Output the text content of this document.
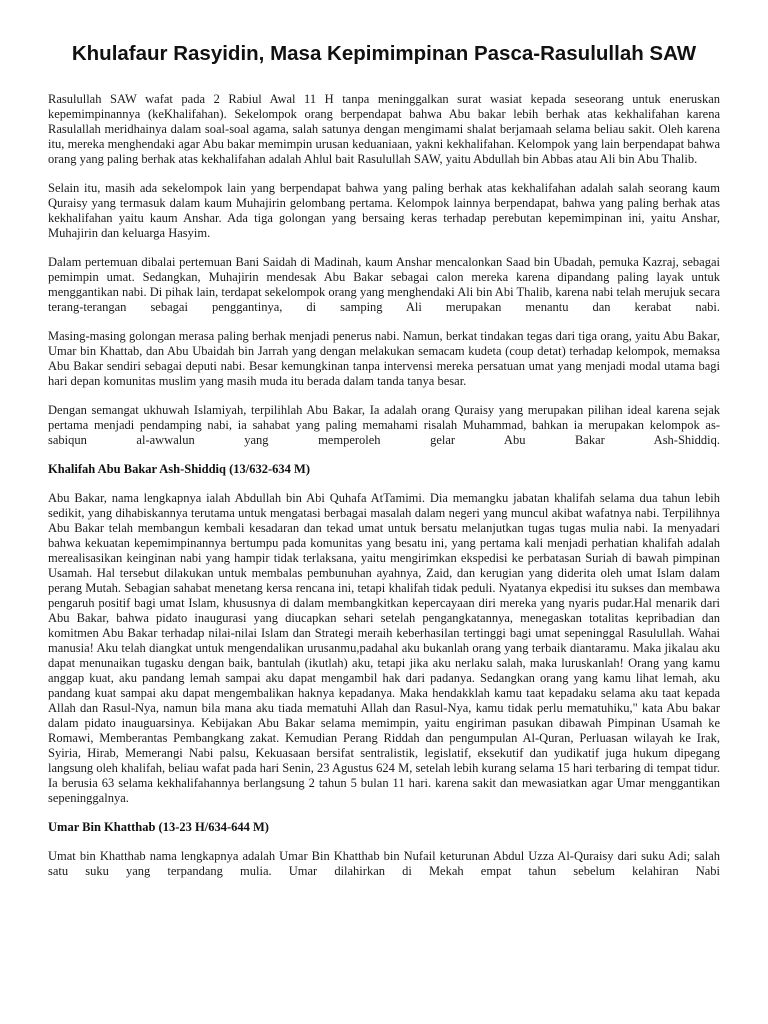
Khulafaur Rasyidin, Masa Kepimimpinan Pasca-Rasulullah SAW

Rasulullah SAW wafat pada 2 Rabiul Awal 11 H tanpa meninggalkan surat wasiat kepada seseorang untuk eneruskan kepemimpinannya (keKhalifahan). Sekelompok orang berpendapat bahwa Abu bakar lebih berhak atas kekhalifahan karena Rasulallah meridhainya dalam soal-soal agama, salah satunya dengan mengimami shalat berjamaah selama beliau sakit. Oleh karena itu, mereka menghendaki agar Abu bakar memimpin urusan keduaniaan, yakni kekhalifahan. Kelompok yang lain berpendapat bahwa orang yang paling berhak atas kekhalifahan adalah Ahlul bait Rasulullah SAW, yaitu Abdullah bin Abbas atau Ali bin Abu Thalib.

Selain itu, masih ada sekelompok lain yang berpendapat bahwa yang paling berhak atas kekhalifahan adalah salah seorang kaum Quraisy yang termasuk dalam kaum Muhajirin gelombang pertama. Kelompok lainnya berpendapat, bahwa yang paling berhak atas kekhalifahan yaitu kaum Anshar. Ada tiga golongan yang bersaing keras terhadap perebutan kepemimpinan ini, yaitu Anshar, Muhajirin dan keluarga Hasyim.

Dalam pertemuan dibalai pertemuan Bani Saidah di Madinah, kaum Anshar mencalonkan Saad bin Ubadah, pemuka Kazraj, sebagai pemimpin umat. Sedangkan, Muhajirin mendesak Abu Bakar sebagai calon mereka karena dipandang paling layak untuk menggantikan nabi. Di pihak lain, terdapat sekelompok orang yang menghendaki Ali bin Abi Thalib, karena nabi telah merujuk secara terang-terangan sebagai penggantinya, di samping Ali merupakan menantu dan kerabat nabi.

Masing-masing golongan merasa paling berhak menjadi penerus nabi. Namun, berkat tindakan tegas dari tiga orang, yaitu Abu Bakar, Umar bin Khattab, dan Abu Ubaidah bin Jarrah yang dengan melakukan semacam kudeta (coup detat) terhadap kelompok, memaksa Abu Bakar sendiri sebagai deputi nabi. Besar kemungkinan tanpa intervensi mereka persatuan umat yang menjadi modal utama bagi hari depan komunitas muslim yang masih muda itu berada dalam tanda tanya besar.

Dengan semangat ukhuwah Islamiyah, terpilihlah Abu Bakar, Ia adalah orang Quraisy yang merupakan pilihan ideal karena sejak pertama menjadi pendamping nabi, ia sahabat yang paling memahami risalah Muhammad, bahkan ia merupakan kelompok as-sabiqun al-awwalun yang memperoleh gelar Abu Bakar Ash-Shiddiq.

Khalifah Abu Bakar Ash-Shiddiq (13/632-634 M)

Abu Bakar, nama lengkapnya ialah Abdullah bin Abi Quhafa AtTamimi. Dia memangku jabatan khalifah selama dua tahun lebih sedikit, yang dihabiskannya terutama untuk mengatasi berbagai masalah dalam negeri yang muncul akibat wafatnya nabi. Terpilihnya Abu Bakar telah membangun kembali kesadaran dan tekad umat untuk bersatu melanjutkan tugas tugas mulia nabi. Ia menyadari bahwa kekuatan kepemimpinannya bertumpu pada komunitas yang besatu ini, yang pertama kali menjadi perhatian khalifah adalah merealisasikan keinginan nabi yang hampir tidak terlaksana, yaitu mengirimkan ekspedisi ke perbatasan Suriah di bawah pimpinan Usamah. Hal tersebut dilakukan untuk membalas pembunuhan ayahnya, Zaid, dan kerugian yang diderita oleh umat Islam dalam perang Mutah. Sebagian sahabat menetang kersa rencana ini, tetapi khalifah tidak peduli. Nyatanya ekpedisi itu sukses dan membawa pengaruh positif bagi umat Islam, khususnya di dalam membangkitkan kepercayaan diri mereka yang nyaris pudar.Hal menarik dari Abu Bakar, bahwa pidato inaugurasi yang diucapkan sehari setelah pengangkatannya, menegaskan totalitas kepribadian dan komitmen Abu Bakar terhadap nilai-nilai Islam dan Strategi meraih keberhasilan tertinggi bagi umat sepeninggal Rasulullah. Wahai manusia! Aku telah diangkat untuk mengendalikan urusanmu,padahal aku bukanlah orang yang terbaik diantaramu. Maka jikalau aku dapat menunaikan tugasku dengan baik, bantulah (ikutlah) aku, tetapi jika aku nerlaku salah, maka luruskanlah! Orang yang kamu anggap kuat, aku pandang lemah sampai aku dapat mengambil hak dari padanya. Sedangkan orang yang kamu lihat lemah, aku pandang kuat sampai aku dapat mengembalikan haknya kepadanya. Maka hendakklah kamu taat kepadaku selama aku taat kepada Allah dan Rasul-Nya, namun bila mana aku tiada mematuhi Allah dan Rasul-Nya, kamu tidak perlu mematuhiku," kata Abu bakar dalam pidato inauguarsinya. Kebijakan Abu Bakar selama memimpin, yaitu engiriman pasukan dibawah Pimpinan Usamah ke Romawi, Memberantas Pembangkang zakat. Kemudian Perang Riddah dan pengumpulan Al-Quran, Perluasan wilayah ke Irak, Syiria, Hirab, Memerangi Nabi palsu, Kekuasaan bersifat sentralistik, legislatif, eksekutif dan yudikatif juga hukum dipegang langsung oleh khalifah, beliau wafat pada hari Senin, 23 Agustus 624 M, setelah lebih kurang selama 15 hari terbaring di tempat tidur. Ia berusia 63 selama kekhalifahannya berlangsung 2 tahun 5 bulan 11 hari. karena sakit dan mewasiatkan agar Umar menggantikan sepeninggalnya.

Umar Bin Khatthab (13-23 H/634-644 M)

Umat bin Khatthab nama lengkapnya adalah Umar Bin Khatthab bin Nufail keturunan Abdul Uzza Al-Quraisy dari suku Adi; salah satu suku yang terpandang mulia. Umar dilahirkan di Mekah empat tahun sebelum kelahiran Nabi
